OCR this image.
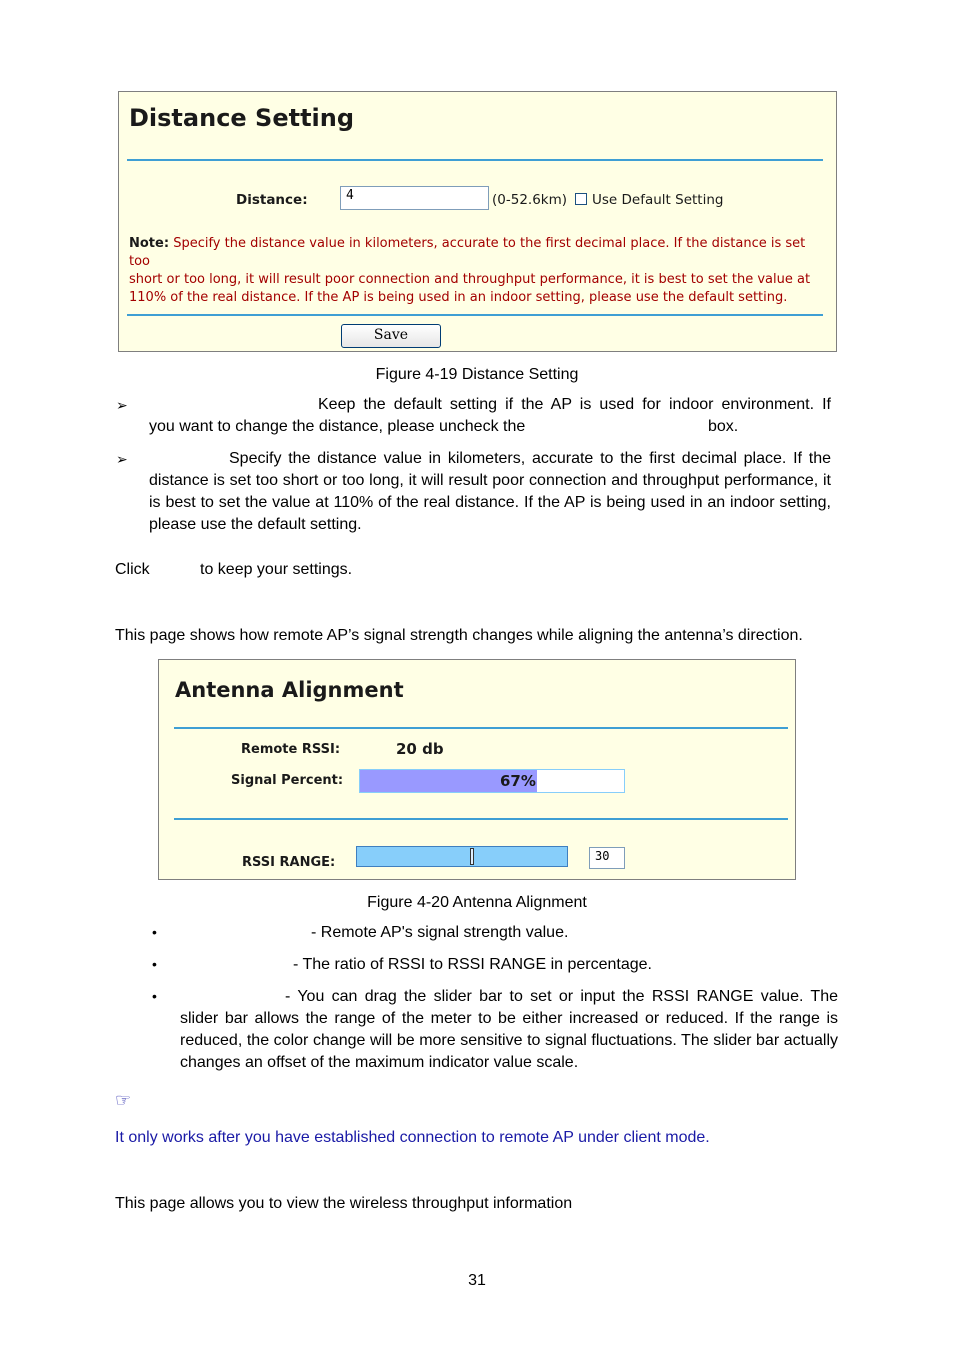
Distance Setting
Distance:	4	(0-52.6km) Use Default Setting
Note: Specify the distance value in kilometers, accurate to the first decimal place. If the distance is set too
short or too long, it will result poor connection and throughput performance, it is best to set the value at
110% of the real distance. If the AP is being used in an indoor setting, please use the default setting.
Save
Figure 4-19 Distance Setting
➢	Keep the default setting if the AP is used for indoor environment. If
you want to change the distance, please uncheck the	box.
➢	Specify the distance value in kilometers, accurate to the first decimal place. If the
distance is set too short or too long, it will result poor connection and throughput performance, it is best to set the value at 110% of the real distance. If the AP is being used in an indoor setting, please use the default setting.
Click	to keep your settings.
This page shows how remote AP’s signal strength changes while aligning the antenna’s direction.
Antenna Alignment
Remote RSSI:	20 db
Signal Percent:	67%
RSSI RANGE:	30
Figure 4-20 Antenna Alignment
•	- Remote AP's signal strength value.
•	- The ratio of RSSI to RSSI RANGE in percentage.
•	- You can drag the slider bar to set or input the RSSI RANGE value. The
slider bar allows the range of the meter to be either increased or reduced. If the range is reduced, the color change will be more sensitive to signal fluctuations. The slider bar actually changes an offset of the maximum indicator value scale.
☞
It only works after you have established connection to remote AP under client mode.
This page allows you to view the wireless throughput information
31
